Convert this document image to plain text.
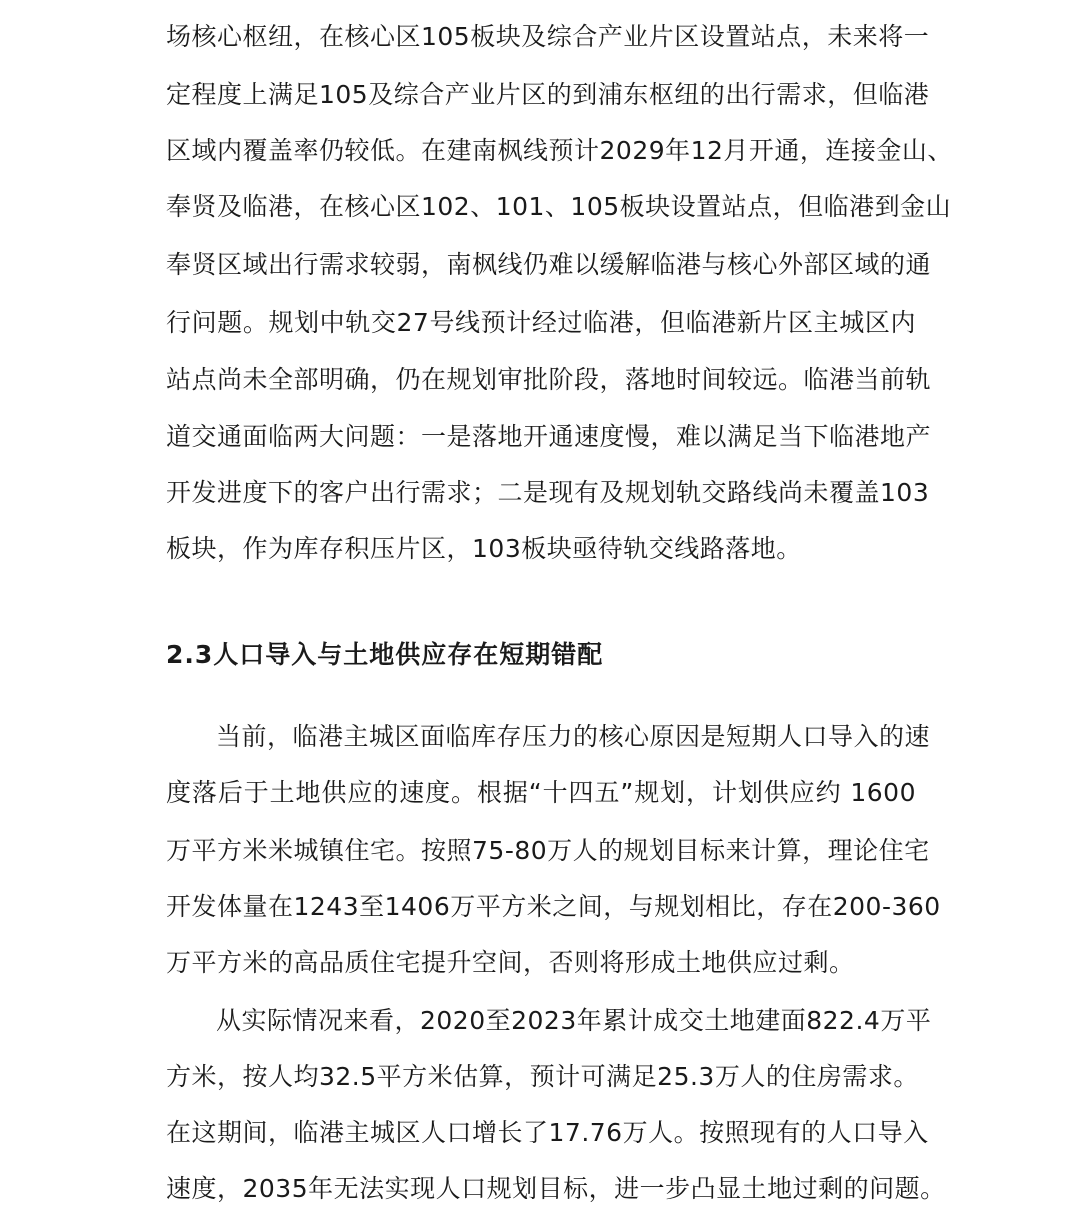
场核心枢纽，在核心区105板块及综合产业片区设置站点，未来将一
定程度上满足105及综合产业片区的到浦东枢纽的出行需求，但临港
区域内覆盖率仍较低。在建南枫线预计2029年12月开通，连接金山、
奉贤及临港，在核心区102、101、105板块设置站点，但临港到金山
奉贤区域出行需求较弱，南枫线仍难以缓解临港与核心外部区域的通
行问题。规划中轨交27号线预计经过临港，但临港新片区主城区内
站点尚未全部明确，仍在规划审批阶段，落地时间较远。临港当前轨
道交通面临两大问题：一是落地开通速度慢，难以满足当下临港地产
开发进度下的客户出行需求；二是现有及规划轨交路线尚未覆盖103
板块，作为库存积压片区，103板块亟待轨交线路落地。
2.3人口导入与土地供应存在短期错配
当前，临港主城区面临库存压力的核心原因是短期人口导入的速
度落后于土地供应的速度。根据“十四五”规划，计划供应约 1600
万平方米米城镇住宅。按照75-80万人的规划目标来计算，理论住宅
开发体量在1243至1406万平方米之间，与规划相比，存在200-360
万平方米的高品质住宅提升空间，否则将形成土地供应过剩。
从实际情况来看，2020至2023年累计成交土地建面822.4万平
方米，按人均32.5平方米估算，预计可满足25.3万人的住房需求。
在这期间，临港主城区人口增长了17.76万人。按照现有的人口导入
速度，2035年无法实现人口规划目标，进一步凸显土地过剩的问题。
